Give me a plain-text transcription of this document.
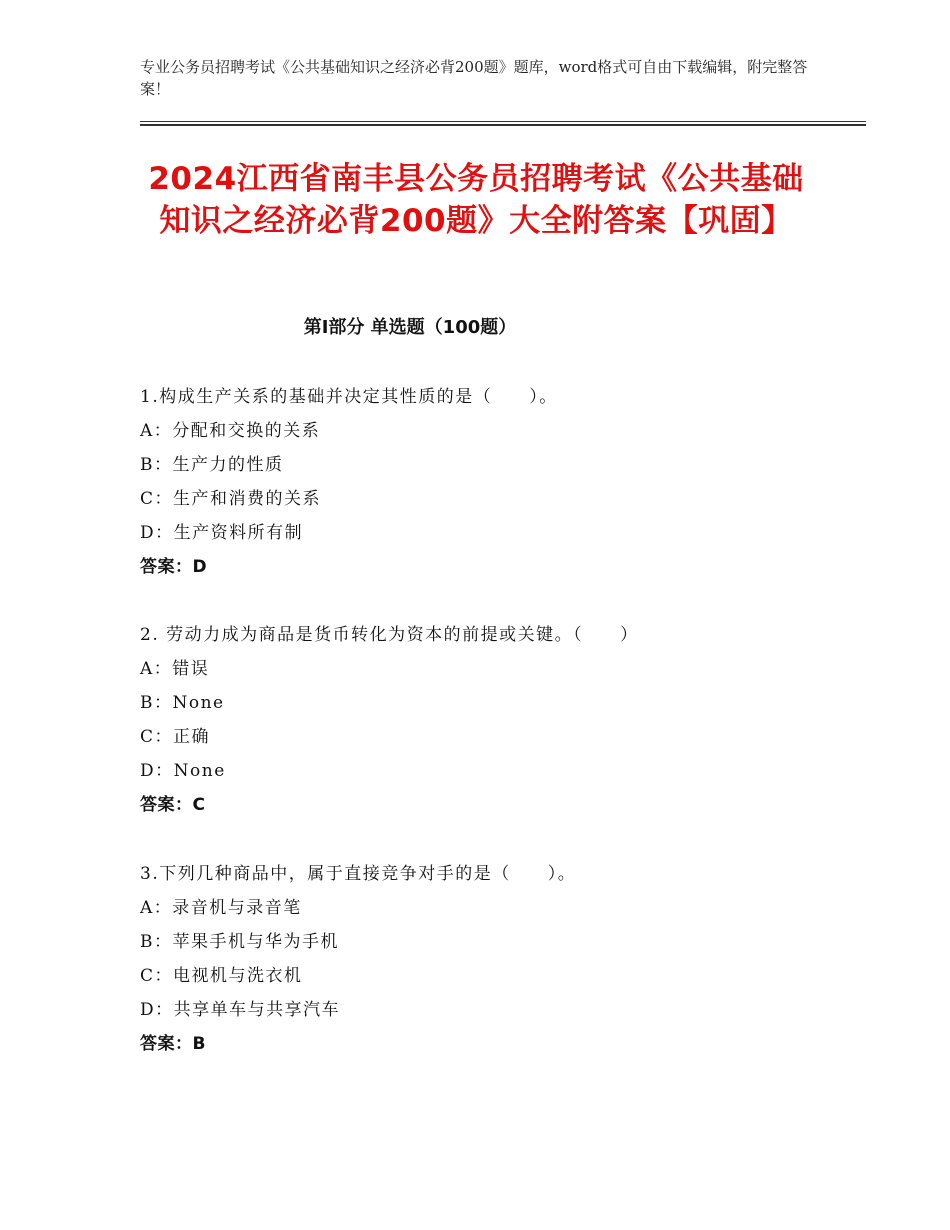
专业公务员招聘考试《公共基础知识之经济必背200题》题库，word格式可自由下载编辑，附完整答案！
2024江西省南丰县公务员招聘考试《公共基础知识之经济必背200题》大全附答案【巩固】
第Ⅰ部分 单选题（100题）
1.构成生产关系的基础并决定其性质的是（　　）。
A：分配和交换的关系
B：生产力的性质
C：生产和消费的关系
D：生产资料所有制
答案：D
2. 劳动力成为商品是货币转化为资本的前提或关键。（　　）
A：错误
B：None
C：正确
D：None
答案：C
3.下列几种商品中，属于直接竞争对手的是（　　）。
A：录音机与录音笔
B：苹果手机与华为手机
C：电视机与洗衣机
D：共享单车与共享汽车
答案：B
